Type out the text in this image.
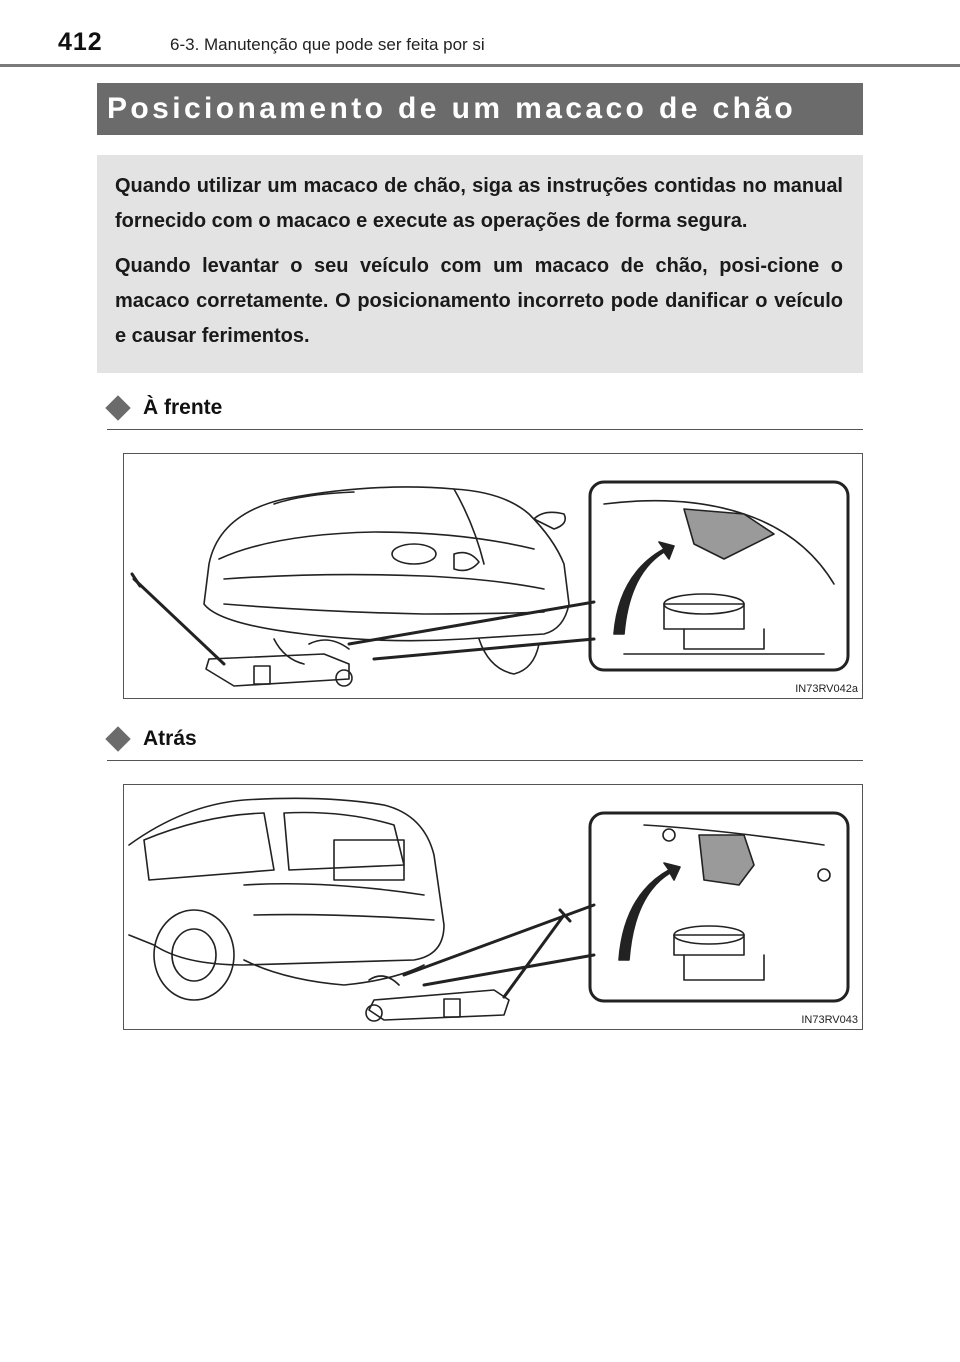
412	6-3. Manutenção que pode ser feita por si
Posicionamento de um macaco de chão

Quando utilizar um macaco de chão, siga as instruções contidas no manual fornecido com o macaco e execute as operações de forma segura.

Quando levantar o seu veículo com um macaco de chão, posi-cione o macaco corretamente. O posicionamento incorreto pode danificar o veículo e causar ferimentos.

À frente
IN73RV042a
Atrás
IN73RV043
